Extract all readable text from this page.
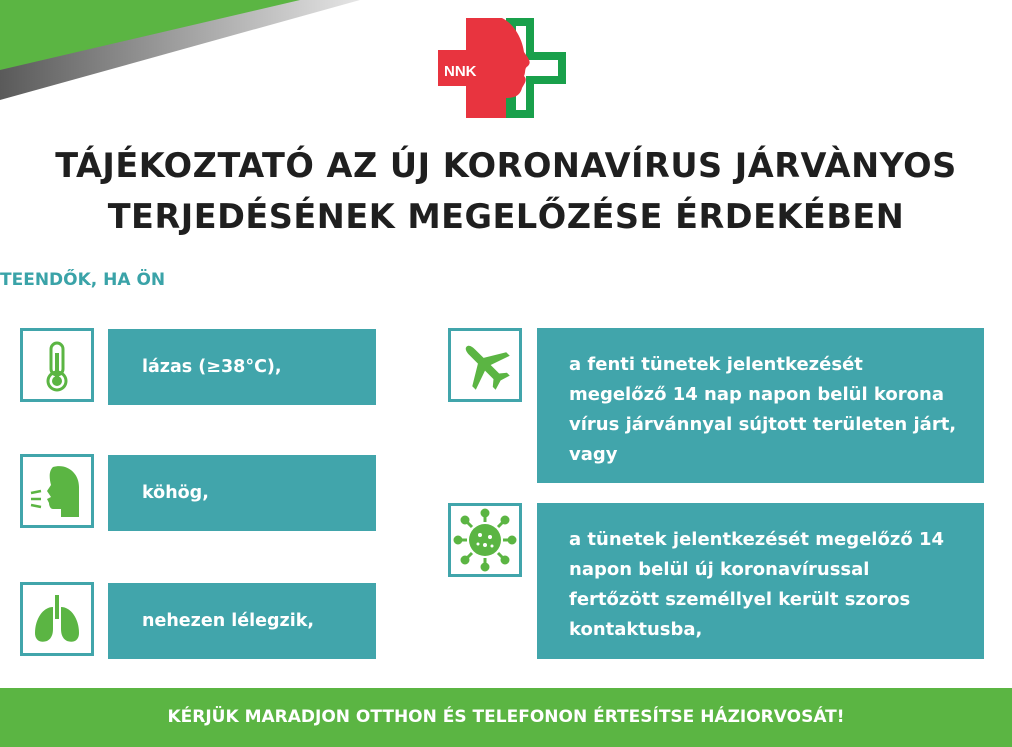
NNK
TÁJÉKOZTATÓ AZ ÚJ KORONAVÍRUS JÁRVÀNYOS
TERJEDÉSÉNEK MEGELŐZÉSE ÉRDEKÉBEN
TEENDŐK, HA ÖN
lázas (≥38°C),
köhög,
nehezen lélegzik,
a fenti tünetek jelentkezését megelőző 14 nap napon belül korona vírus járvánnyal sújtott területen járt, vagy
a tünetek jelentkezését megelőző 14 napon belül új koronavírussal fertőzött személlyel került szoros kontaktusba,
KÉRJÜK MARADJON OTTHON ÉS TELEFONON ÉRTESÍTSE HÁZIORVOSÁT!
